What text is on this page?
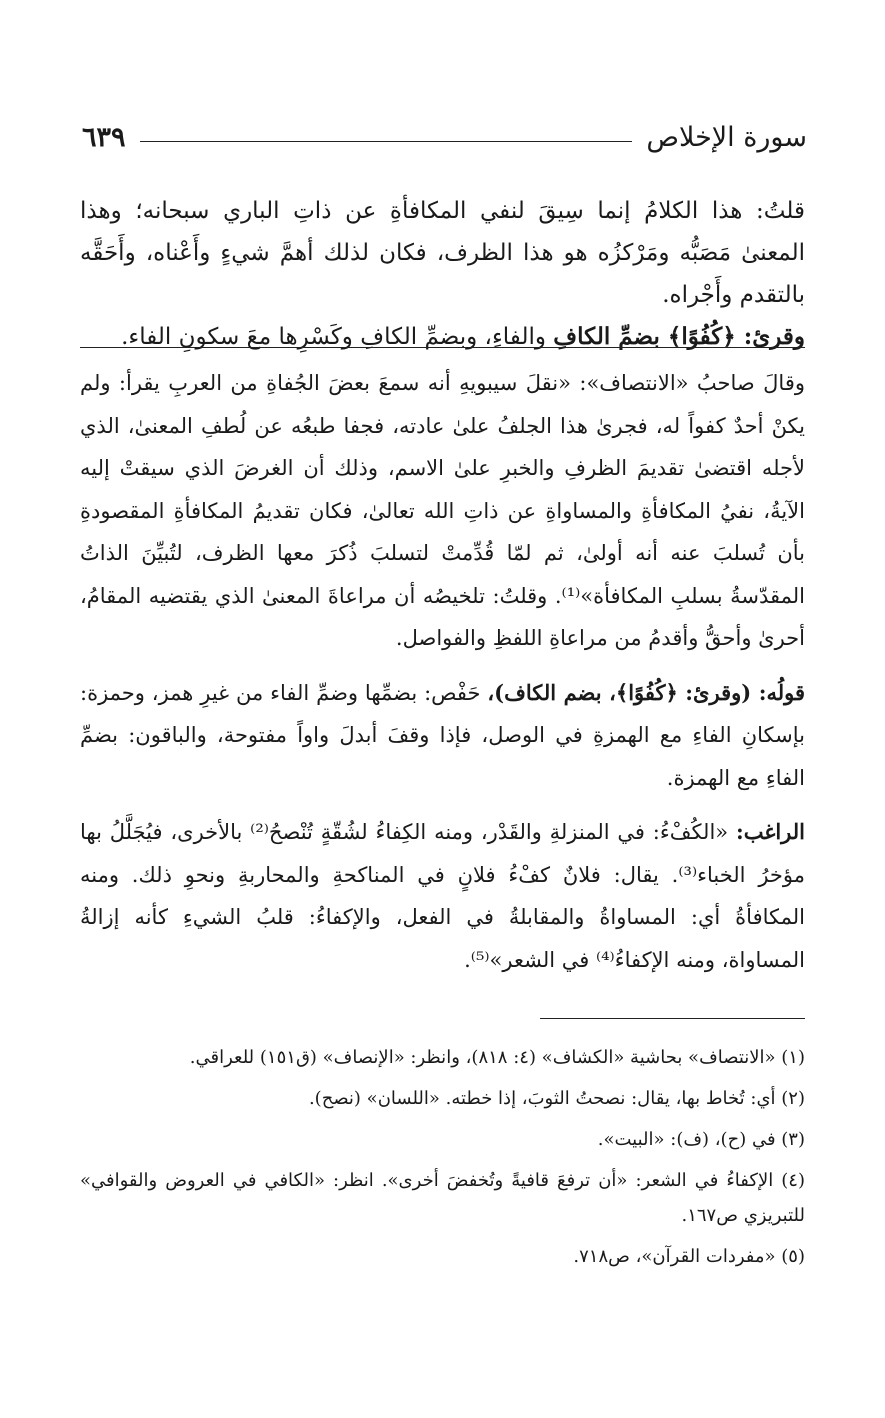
سورة الإخلاص
٦٣٩

قلتُ: هذا الكلامُ إنما سِيقَ لنفي المكافأةِ عن ذاتِ الباري سبحانه؛ وهذا المعنىٰ مَصَبُّه ومَرْكزُه هو هذا الظرف، فكان لذلك أهمَّ شيءٍ وأَعْناه، وأَحَقَّه بالتقدم وأَجْراه.

وقرئ: ﴿كُفُوًا﴾ بضمِّ الكافِ والفاءِ، وبضمِّ الكافِ وكَسْرِها معَ سكونِ الفاء.

وقالَ صاحبُ «الانتصاف»: «نقلَ سيبويهِ أنه سمعَ بعضَ الجُفاةِ من العربِ يقرأ: ولم يكنْ أحدٌ كفواً له، فجرىٰ هذا الجلفُ علىٰ عادته، فجفا طبعُه عن لُطفِ المعنىٰ، الذي لأجله اقتضىٰ تقديمَ الظرفِ والخبرِ علىٰ الاسم، وذلك أن الغرضَ الذي سيقتْ إليه الآيةُ، نفيُ المكافأةِ والمساواةِ عن ذاتِ الله تعالىٰ، فكان تقديمُ المكافأةِ المقصودةِ بأن تُسلبَ عنه أنه أولىٰ، ثم لمّا قُدِّمتْ لتسلبَ ذُكرَ معها الظرف، لتُبيِّنَ الذاتُ المقدّسةُ بسلبِ المكافأة»⁽¹⁾. وقلتُ: تلخيصُه أن مراعاةَ المعنىٰ الذي يقتضيه المقامُ، أحرىٰ وأحقُّ وأقدمُ من مراعاةِ اللفظِ والفواصل.

قولُه: (وقرئ: ﴿كُفُوًا﴾، بضم الكاف)، حَفْص: بضمِّها وضمِّ الفاء من غيرِ همز، وحمزة: بإسكانِ الفاءِ مع الهمزةِ في الوصل، فإذا وقفَ أبدلَ واواً مفتوحة، والباقون: بضمِّ الفاءِ مع الهمزة.

الراغب: «الكُفْءُ: في المنزلةِ والقَدْر، ومنه الكِفاءُ لشُقّةٍ تُنْصحُ⁽²⁾ بالأخرى، فيُجَلَّلُ بها مؤخرُ الخباء⁽³⁾. يقال: فلانٌ كفْءُ فلانٍ في المناكحةِ والمحاربةِ ونحوِ ذلك. ومنه المكافأةُ أي: المساواةُ والمقابلةُ في الفعل، والإكفاءُ: قلبُ الشيءِ كأنه إزالةُ المساواة، ومنه الإكفاءُ⁽⁴⁾ في الشعر»⁽⁵⁾.

(١) «الانتصاف» بحاشية «الكشاف» (٤: ٨١٨)، وانظر: «الإنصاف» (ق١٥١) للعراقي.

(٢) أي: تُخاط بها، يقال: نصحتُ الثوبَ، إذا خطته. «اللسان» (نصح).

(٣) في (ح)، (ف): «البيت».

(٤) الإكفاءُ في الشعر: «أن ترفعَ قافيةً وتُخفضَ أخرى». انظر: «الكافي في العروض والقوافي» للتبريزي ص١٦٧.

(٥) «مفردات القرآن»، ص٧١٨.
